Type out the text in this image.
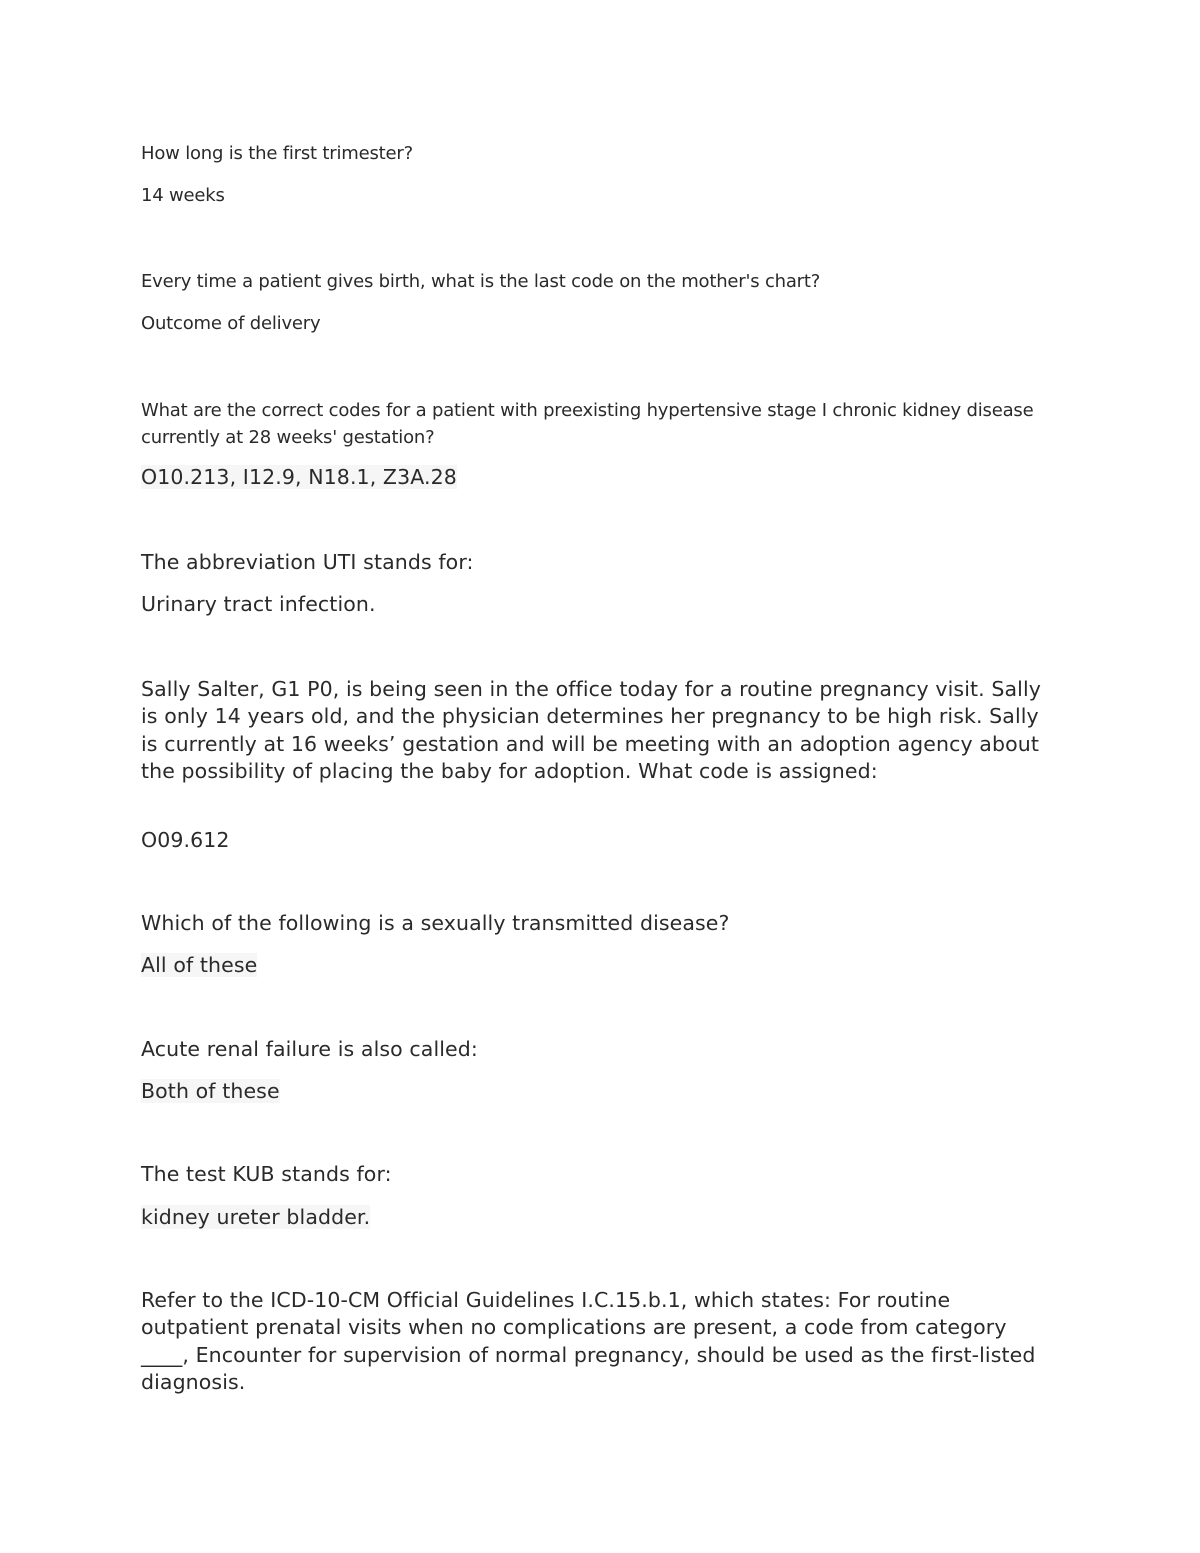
How long is the first trimester?

14 weeks

Every time a patient gives birth, what is the last code on the mother's chart?

Outcome of delivery

What are the correct codes for a patient with preexisting hypertensive stage I chronic kidney disease currently at 28 weeks' gestation?

O10.213, I12.9, N18.1, Z3A.28

The abbreviation UTI stands for:

Urinary tract infection.

Sally Salter, G1 P0, is being seen in the office today for a routine pregnancy visit. Sally is only 14 years old, and the physician determines her pregnancy to be high risk. Sally is currently at 16 weeks’ gestation and will be meeting with an adoption agency about the possibility of placing the baby for adoption. What code is assigned:

O09.612

Which of the following is a sexually transmitted disease?

All of these

Acute renal failure is also called:

Both of these

The test KUB stands for:

kidney ureter bladder.

Refer to the ICD-10-CM Official Guidelines I.C.15.b.1, which states: For routine outpatient prenatal visits when no complications are present, a code from category ____, Encounter for supervision of normal pregnancy, should be used as the first-listed diagnosis.
